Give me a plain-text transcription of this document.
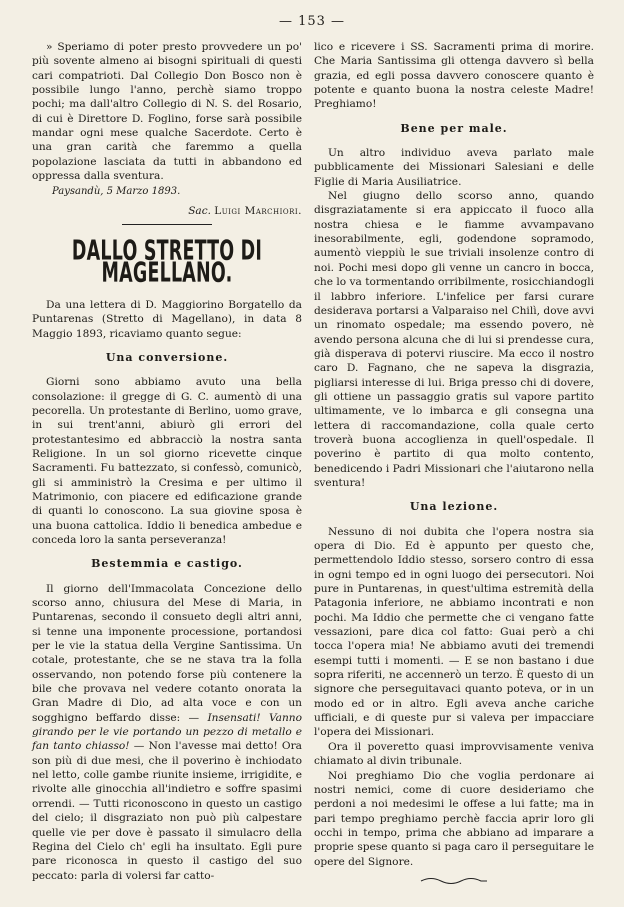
— 153 —

» Speriamo di poter presto provvedere un po' più sovente almeno ai bisogni spirituali di questi cari compatrioti. Dal Collegio Don Bosco non è possibile lungo l'anno, perchè siamo troppo pochi; ma dall'altro Collegio di N. S. del Rosario, di cui è Direttore D. Foglino, forse sarà possibile mandar ogni mese qualche Sacerdote. Certo è una gran carità che faremmo a quella popolazione lasciata da tutti in abbandono ed oppressa dalla sventura.

Paysandù, 5 Marzo 1893.
Sac. Luigi Marchiori.
DALLO STRETTO DI MAGELLANO.

Da una lettera di D. Maggiorino Borgatello da Puntarenas (Stretto di Magellano), in data 8 Maggio 1893, ricaviamo quanto segue:

Una conversione.

Giorni sono abbiamo avuto una bella consolazione: il gregge di G. C. aumentò di una pecorella. Un protestante di Berlino, uomo grave, in sui trent'anni, abiurò gli errori del protestantesimo ed abbracciò la nostra santa Religione. In un sol giorno ricevette cinque Sacramenti. Fu battezzato, si confessò, comunicò, gli si amministrò la Cresima e per ultimo il Matrimonio, con piacere ed edificazione grande di quanti lo conoscono. La sua giovine sposa è una buona cattolica. Iddio li benedica ambedue e conceda loro la santa perseveranza!

Bestemmia e castigo.

Il giorno dell'Immacolata Concezione dello scorso anno, chiusura del Mese di Maria, in Puntarenas, secondo il consueto degli altri anni, si tenne una imponente processione, portandosi per le vie la statua della Vergine Santissima. Un cotale, protestante, che se ne stava tra la folla osservando, non potendo forse più contenere la bile che provava nel vedere cotanto onorata la Gran Madre di Dio, ad alta voce e con un sogghigno beffardo disse: — Insensati! Vanno girando per le vie portando un pezzo di metallo e fan tanto chiasso! — Non l'avesse mai detto! Ora son più di due mesi, che il poverino è inchiodato nel letto, colle gambe riunite insieme, irrigidite, e rivolte alle ginocchia all'indietro e soffre spasimi orrendi. — Tutti riconoscono in questo un castigo del cielo; il disgraziato non può più calpestare quelle vie per dove è passato il simulacro della Regina del Cielo ch' egli ha insultato. Egli pure pare riconosca in questo il castigo del suo peccato: parla di volersi far catto-

lico e ricevere i SS. Sacramenti prima di morire. Che Maria Santissima gli ottenga davvero sì bella grazia, ed egli possa davvero conoscere quanto è potente e quanto buona la nostra celeste Madre! Preghiamo!

Bene per male.

Un altro individuo aveva parlato male pubblicamente dei Missionari Salesiani e delle Figlie di Maria Ausiliatrice.

Nel giugno dello scorso anno, quando disgraziatamente si era appiccato il fuoco alla nostra chiesa e le fiamme avvampavano inesorabilmente, egli, godendone sopramodo, aumentò vieppiù le sue triviali insolenze contro di noi. Pochi mesi dopo gli venne un cancro in bocca, che lo va tormentando orribilmente, rosicchiandogli il labbro inferiore. L'infelice per farsi curare desiderava portarsi a Valparaiso nel Chilì, dove avvi un rinomato ospedale; ma essendo povero, nè avendo persona alcuna che di lui si prendesse cura, già disperava di potervi riuscire. Ma ecco il nostro caro D. Fagnano, che ne sapeva la disgrazia, pigliarsi interesse di lui. Briga presso chi di dovere, gli ottiene un passaggio gratis sul vapore partito ultimamente, ve lo imbarca e gli consegna una lettera di raccomandazione, colla quale certo troverà buona accoglienza in quell'ospedale. Il poverino è partito di qua molto contento, benedicendo i Padri Missionari che l'aiutarono nella sventura!

Una lezione.

Nessuno di noi dubita che l'opera nostra sia opera di Dio. Ed è appunto per questo che, permettendolo Iddio stesso, sorsero contro di essa in ogni tempo ed in ogni luogo dei persecutori. Noi pure in Puntarenas, in quest'ultima estremità della Patagonia inferiore, ne abbiamo incontrati e non pochi. Ma Iddio che permette che ci vengano fatte vessazioni, pare dica col fatto: Guai però a chi tocca l'opera mia! Ne abbiamo avuti dei tremendi esempi tutti i momenti. — E se non bastano i due sopra riferiti, ne accennerò un terzo. È questo di un signore che perseguitavaci quanto poteva, or in un modo ed or in altro. Egli aveva anche cariche ufficiali, e di queste pur si valeva per impacciare l'opera dei Missionari.

Ora il poveretto quasi improvvisamente veniva chiamato al divin tribunale.

Noi preghiamo Dio che voglia perdonare ai nostri nemici, come di cuore desideriamo che perdoni a noi medesimi le offese a lui fatte; ma in pari tempo preghiamo perchè faccia aprir loro gli occhi in tempo, prima che abbiano ad imparare a proprie spese quanto si paga caro il perseguitare le opere del Signore.
